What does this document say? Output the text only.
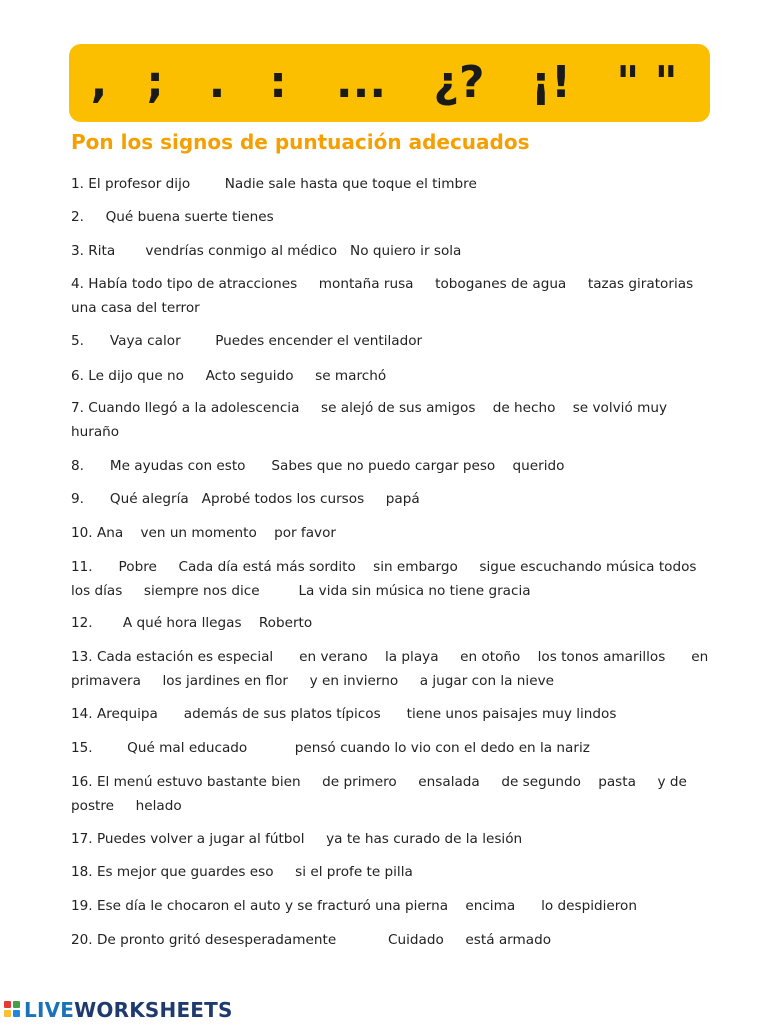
, ; . : ... ¿? ¡! " "
Pon los signos de puntuación adecuados
1. El profesor dijo        Nadie sale hasta que toque el timbre
2.     Qué buena suerte tienes
3. Rita       vendrías conmigo al médico   No quiero ir sola
4. Había todo tipo de atracciones     montaña rusa     toboganes de agua     tazas giratorias
una casa del terror
5.      Vaya calor        Puedes encender el ventilador
6. Le dijo que no     Acto seguido     se marchó
7. Cuando llegó a la adolescencia     se alejó de sus amigos    de hecho    se volvió muy
huraño
8.      Me ayudas con esto      Sabes que no puedo cargar peso    querido
9.      Qué alegría   Aprobé todos los cursos     papá
10. Ana    ven un momento    por favor
11.      Pobre     Cada día está más sordito    sin embargo     sigue escuchando música todos
los días     siempre nos dice         La vida sin música no tiene gracia
12.       A qué hora llegas    Roberto
13. Cada estación es especial      en verano    la playa     en otoño    los tonos amarillos      en
primavera     los jardines en flor     y en invierno     a jugar con la nieve
14. Arequipa      además de sus platos típicos      tiene unos paisajes muy lindos
15.        Qué mal educado           pensó cuando lo vio con el dedo en la nariz
16. El menú estuvo bastante bien     de primero     ensalada     de segundo    pasta     y de
postre     helado
17. Puedes volver a jugar al fútbol     ya te has curado de la lesión
18. Es mejor que guardes eso     si el profe te pilla
19. Ese día le chocaron el auto y se fracturó una pierna    encima      lo despidieron
20. De pronto gritó desesperadamente            Cuidado     está armado
LIVEWORKSHEETS
